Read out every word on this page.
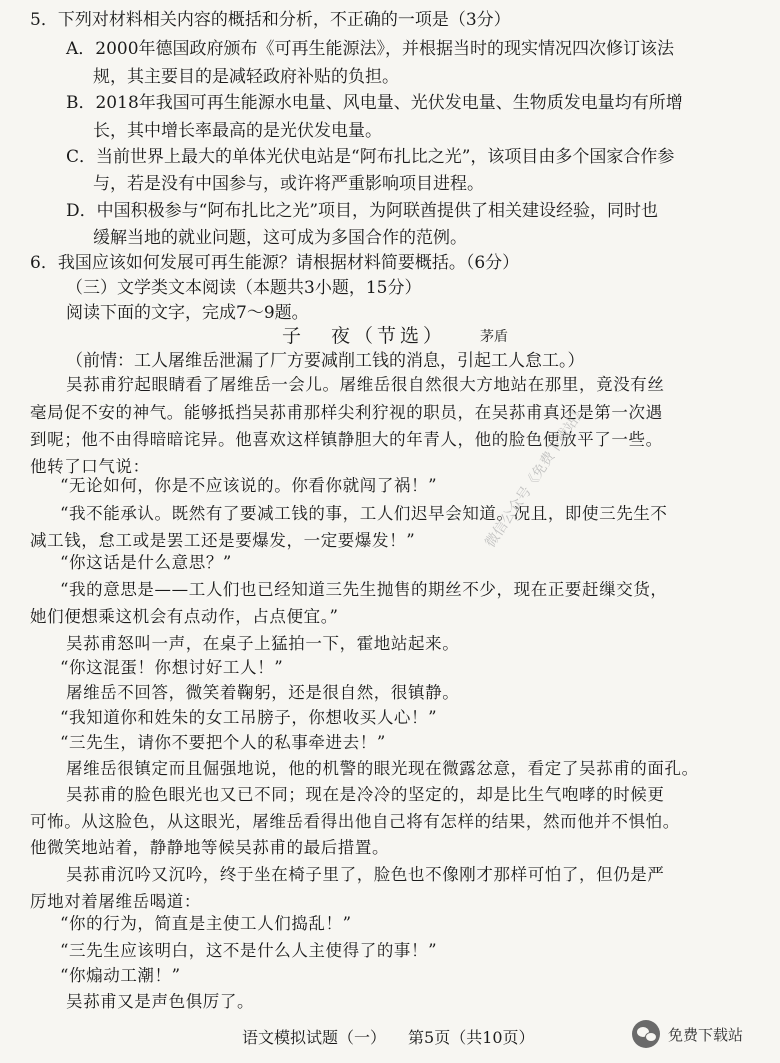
5．下列对材料相关内容的概括和分析，不正确的一项是（3分）
A．2000年德国政府颁布《可再生能源法》，并根据当时的现实情况四次修订该法
规，其主要目的是减轻政府补贴的负担。
B．2018年我国可再生能源水电量、风电量、光伏发电量、生物质发电量均有所增
长，其中增长率最高的是光伏发电量。
C．当前世界上最大的单体光伏电站是“阿布扎比之光”，该项目由多个国家合作参
与，若是没有中国参与，或许将严重影响项目进程。
D．中国积极参与“阿布扎比之光”项目，为阿联酋提供了相关建设经验，同时也
缓解当地的就业问题，这可成为多国合作的范例。
6．我国应该如何发展可再生能源？请根据材料简要概括。（6分）
（三）文学类文本阅读（本题共3小题，15分）
阅读下面的文字，完成7～9题。
子 夜（节选） 茅盾
（前情：工人屠维岳泄漏了厂方要减削工钱的消息，引起工人怠工。）
吴荪甫狞起眼睛看了屠维岳一会儿。屠维岳很自然很大方地站在那里，竟没有丝
毫局促不安的神气。能够抵挡吴荪甫那样尖利狞视的职员，在吴荪甫真还是第一次遇
到呢；他不由得暗暗诧异。他喜欢这样镇静胆大的年青人，他的脸色便放平了一些。
他转了口气说：
“无论如何，你是不应该说的。你看你就闯了祸！”
“我不能承认。既然有了要减工钱的事，工人们迟早会知道。况且，即使三先生不
减工钱，怠工或是罢工还是要爆发，一定要爆发！”
“你这话是什么意思？”
“我的意思是——工人们也已经知道三先生抛售的期丝不少，现在正要赶缫交货，
她们便想乘这机会有点动作，占点便宜。”
吴荪甫怒叫一声，在桌子上猛拍一下，霍地站起来。
“你这混蛋！你想讨好工人！”
屠维岳不回答，微笑着鞠躬，还是很自然，很镇静。
“我知道你和姓朱的女工吊膀子，你想收买人心！”
“三先生，请你不要把个人的私事牵进去！”
屠维岳很镇定而且倔强地说，他的机警的眼光现在微露忿意，看定了吴荪甫的面孔。
吴荪甫的脸色眼光也又已不同；现在是冷冷的坚定的，却是比生气咆哮的时候更
可怖。从这脸色，从这眼光，屠维岳看得出他自己将有怎样的结果，然而他并不惧怕。
他微笑地站着，静静地等候吴荪甫的最后措置。
吴荪甫沉吟又沉吟，终于坐在椅子里了，脸色也不像刚才那样可怕了，但仍是严
厉地对着屠维岳喝道：
“你的行为，简直是主使工人们捣乱！”
“三先生应该明白，这不是什么人主使得了的事！”
“你煽动工潮！”
吴荪甫又是声色俱厉了。
微信公众号《免费下载站》
语文模拟试题（一） 第5页（共10页）	免费下载站
